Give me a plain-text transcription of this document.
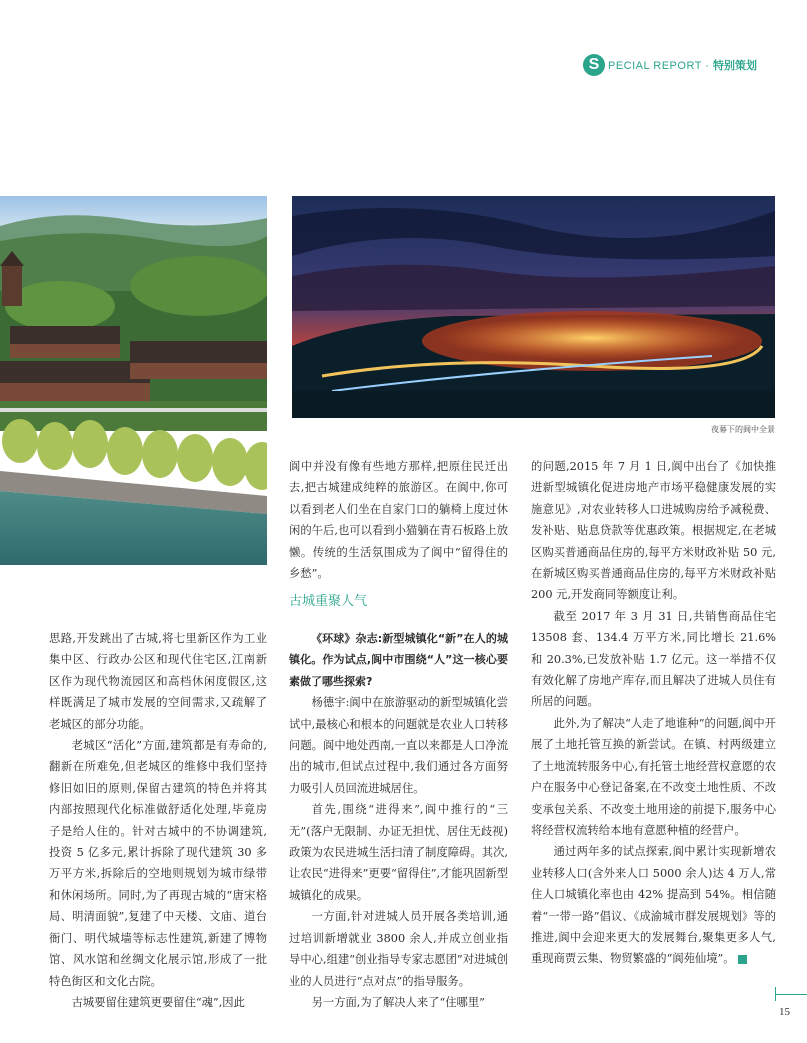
S PECIAL REPORT · 特别策划
夜幕下的阆中全景

阆中并没有像有些地方那样,把原住民迁出去,把古城建成纯粹的旅游区。在阆中,你可以看到老人们坐在自家门口的躺椅上度过休闲的午后,也可以看到小猫躺在青石板路上放懒。传统的生活氛围成为了阆中“留得住的乡愁”。

古城重聚人气

思路,开发跳出了古城,将七里新区作为工业集中区、行政办公区和现代住宅区,江南新区作为现代物流园区和高档休闲度假区,这样既满足了城市发展的空间需求,又疏解了老城区的部分功能。

老城区“活化”方面,建筑都是有寿命的,翻新在所难免,但老城区的维修中我们坚持修旧如旧的原则,保留古建筑的特色并将其内部按照现代化标准做舒适化处理,毕竟房子是给人住的。针对古城中的不协调建筑,投资 5 亿多元,累计拆除了现代建筑 30 多万平方米,拆除后的空地则规划为城市绿带和休闲场所。同时,为了再现古城的“唐宋格局、明清面貌”,复建了中天楼、文庙、道台衙门、明代城墙等标志性建筑,新建了博物馆、风水馆和丝绸文化展示馆,形成了一批特色街区和文化古院。

古城要留住建筑更要留住“魂”,因此

《环球》杂志:新型城镇化“新”在人的城镇化。作为试点,阆中市围绕“人”这一核心要素做了哪些探索?

杨德宇:阆中在旅游驱动的新型城镇化尝试中,最核心和根本的问题就是农业人口转移问题。阆中地处西南,一直以来都是人口净流出的城市,但试点过程中,我们通过各方面努力吸引人员回流进城居住。

首先,围绕“进得来”,阆中推行的“三无”(落户无限制、办证无担忧、居住无歧视)政策为农民进城生活扫清了制度障碍。其次,让农民“进得来”更要“留得住”,才能巩固新型城镇化的成果。

一方面,针对进城人员开展各类培训,通过培训新增就业 3800 余人,并成立创业指导中心,组建“创业指导专家志愿团”对进城创业的人员进行“点对点”的指导服务。

另一方面,为了解决人来了“住哪里”

的问题,2015 年 7 月 1 日,阆中出台了《加快推进新型城镇化促进房地产市场平稳健康发展的实施意见》,对农业转移人口进城购房给予减税费、发补贴、贴息贷款等优惠政策。根据规定,在老城区购买普通商品住房的,每平方米财政补贴 50 元,在新城区购买普通商品住房的,每平方米财政补贴 200 元,开发商同等额度让利。

截至 2017 年 3 月 31 日,共销售商品住宅 13508 套、134.4 万平方米,同比增长 21.6% 和 20.3%,已发放补贴 1.7 亿元。这一举措不仅有效化解了房地产库存,而且解决了进城人员住有所居的问题。

此外,为了解决“人走了地谁种”的问题,阆中开展了土地托管互换的新尝试。在镇、村两级建立了土地流转服务中心,有托管土地经营权意愿的农户在服务中心登记备案,在不改变土地性质、不改变承包关系、不改变土地用途的前提下,服务中心将经营权流转给本地有意愿种植的经营户。

通过两年多的试点探索,阆中累计实现新增农业转移人口(含外来人口 5000 余人)达 4 万人,常住人口城镇化率也由 42% 提高到 54%。相信随着“一带一路”倡议、《成渝城市群发展规划》等的推进,阆中会迎来更大的发展舞台,聚集更多人气,重现商贾云集、物贸繁盛的“阆苑仙境”。

15
